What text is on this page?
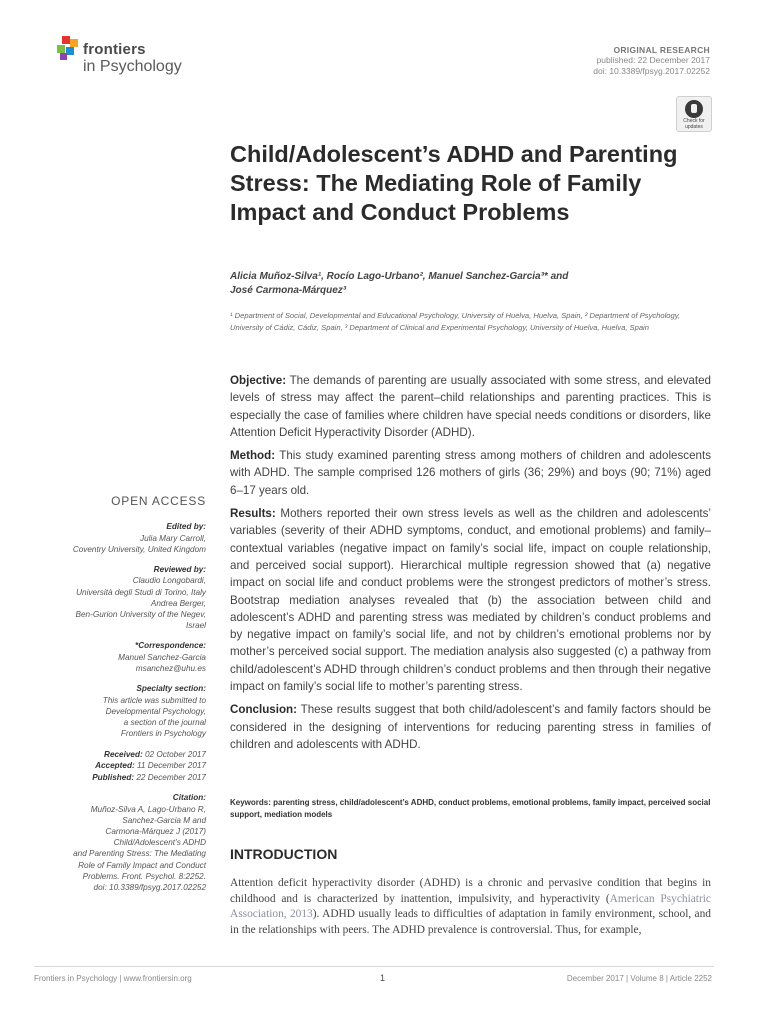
frontiers
in Psychology
ORIGINAL RESEARCH
published: 22 December 2017
doi: 10.3389/fpsyg.2017.02252
Check for updates
Child/Adolescent’s ADHD and Parenting Stress: The Mediating Role of Family Impact and Conduct Problems
Alicia Muñoz-Silva¹, Rocío Lago-Urbano², Manuel Sanchez-Garcia³* and
José Carmona-Márquez³
¹ Department of Social, Developmental and Educational Psychology, University of Huelva, Huelva, Spain, ² Department of Psychology, University of Cádiz, Cádiz, Spain, ³ Department of Clinical and Experimental Psychology, University of Huelva, Huelva, Spain

Objective: The demands of parenting are usually associated with some stress, and elevated levels of stress may affect the parent–child relationships and parenting practices. This is especially the case of families where children have special needs conditions or disorders, like Attention Deficit Hyperactivity Disorder (ADHD).

Method: This study examined parenting stress among mothers of children and adolescents with ADHD. The sample comprised 126 mothers of girls (36; 29%) and boys (90; 71%) aged 6–17 years old.

Results: Mothers reported their own stress levels as well as the children and adolescents’ variables (severity of their ADHD symptoms, conduct, and emotional problems) and family–contextual variables (negative impact on family’s social life, impact on couple relationship, and perceived social support). Hierarchical multiple regression showed that (a) negative impact on social life and conduct problems were the strongest predictors of mother’s stress. Bootstrap mediation analyses revealed that (b) the association between child and adolescent’s ADHD and parenting stress was mediated by children’s conduct problems and by negative impact on family’s social life, and not by children’s emotional problems nor by mother’s perceived social support. The mediation analysis also suggested (c) a pathway from child/adolescent’s ADHD through children’s conduct problems and then through their negative impact on family’s social life to mother’s parenting stress.

Conclusion: These results suggest that both child/adolescent’s and family factors should be considered in the designing of interventions for reducing parenting stress in families of children and adolescents with ADHD.

Keywords: parenting stress, child/adolescent’s ADHD, conduct problems, emotional problems, family impact, perceived social support, mediation models
INTRODUCTION

Attention deficit hyperactivity disorder (ADHD) is a chronic and pervasive condition that begins in childhood and is characterized by inattention, impulsivity, and hyperactivity (American Psychiatric Association, 2013). ADHD usually leads to difficulties of adaptation in family environment, school, and in the relationships with peers. The ADHD prevalence is controversial. Thus, for example,

OPEN ACCESS
Edited by:
Julia Mary Carroll,
Coventry University, United Kingdom
Reviewed by:
Claudio Longobardi,
Università degli Studi di Torino, Italy
Andrea Berger,
Ben-Gurion University of the Negev,
Israel
*Correspondence:
Manuel Sanchez-Garcia
msanchez@uhu.es
Specialty section:
This article was submitted to
Developmental Psychology,
a section of the journal
Frontiers in Psychology
Received: 02 October 2017
Accepted: 11 December 2017
Published: 22 December 2017
Citation:
Muñoz-Silva A, Lago-Urbano R,
Sanchez-Garcia M and
Carmona-Márquez J (2017)
Child/Adolescent’s ADHD
and Parenting Stress: The Mediating
Role of Family Impact and Conduct
Problems. Front. Psychol. 8:2252.
doi: 10.3389/fpsyg.2017.02252
Frontiers in Psychology | www.frontiersin.org	1	December 2017 | Volume 8 | Article 2252
